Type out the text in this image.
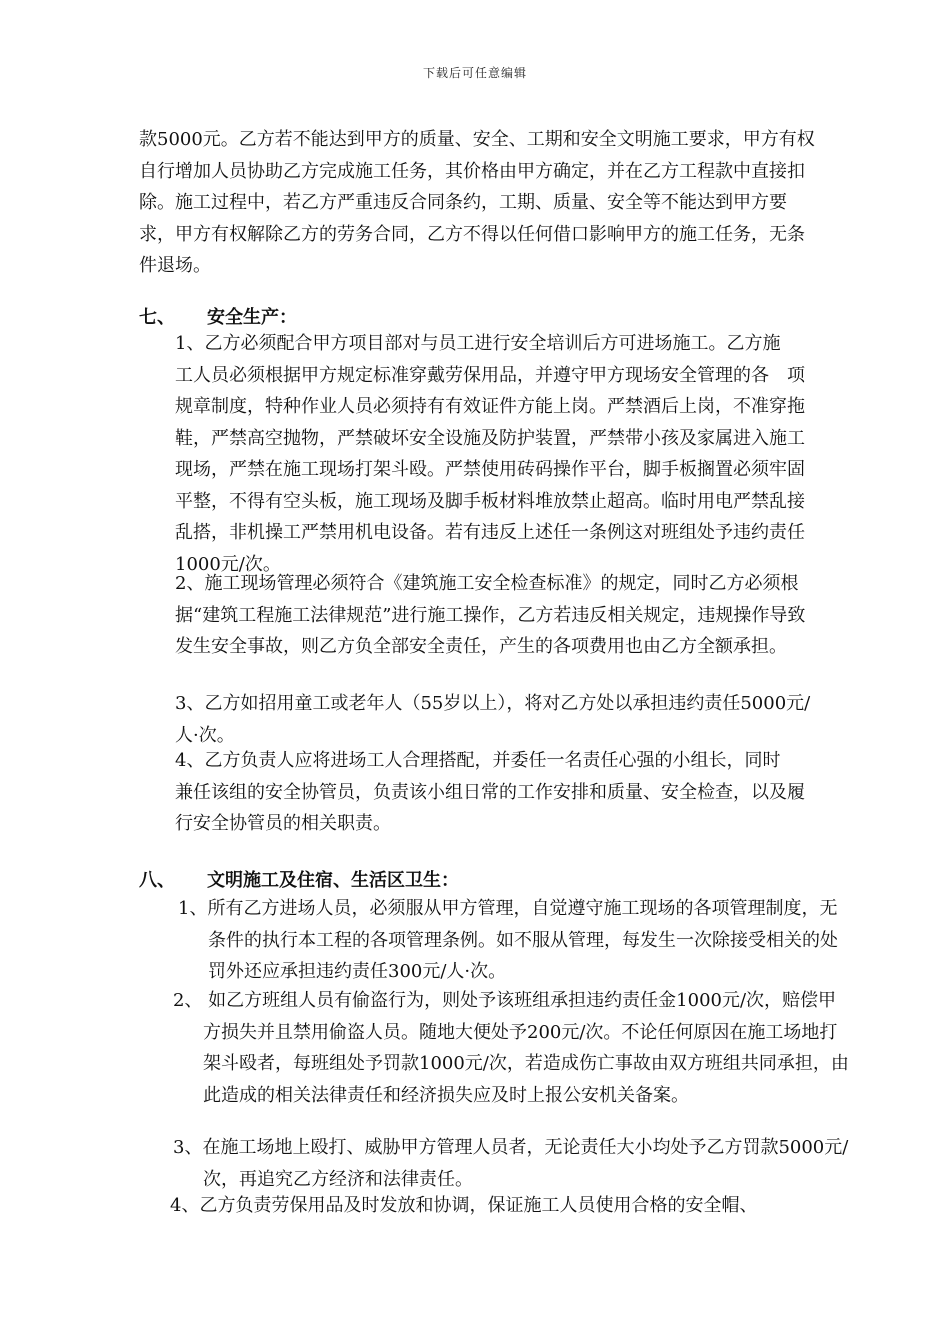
下载后可任意编辑

款5000元。乙方若不能达到甲方的质量、安全、工期和安全文明施工要求，甲方有权自行增加人员协助乙方完成施工任务，其价格由甲方确定，并在乙方工程款中直接扣除。施工过程中，若乙方严重违反合同条约，工期、质量、安全等不能达到甲方要求，甲方有权解除乙方的劳务合同，乙方不得以任何借口影响甲方的施工任务，无条件退场。

七、 安全生产：

1、乙方必须配合甲方项目部对与员工进行安全培训后方可进场施工。乙方施　　　工人员必须根据甲方规定标准穿戴劳保用品，并遵守甲方现场安全管理的各　项规章制度，特种作业人员必须持有有效证件方能上岗。严禁酒后上岗，不准穿拖鞋，严禁高空抛物，严禁破坏安全设施及防护装置，严禁带小孩及家属进入施工现场，严禁在施工现场打架斗殴。严禁使用砖码操作平台，脚手板搁置必须牢固平整，不得有空头板，施工现场及脚手板材料堆放禁止超高。临时用电严禁乱接乱搭，非机操工严禁用机电设备。若有违反上述任一条例这对班组处予违约责任1000元/次。

2、施工现场管理必须符合《建筑施工安全检查标准》的规定，同时乙方必须根据“建筑工程施工法律规范”进行施工操作，乙方若违反相关规定，违规操作导致发生安全事故，则乙方负全部安全责任，产生的各项费用也由乙方全额承担。

3、乙方如招用童工或老年人（55岁以上），将对乙方处以承担违约责任5000元/人·次。

4、乙方负责人应将进场工人合理搭配，并委任一名责任心强的小组长，同时　　兼任该组的安全协管员，负责该小组日常的工作安排和质量、安全检查，以及履行安全协管员的相关职责。

八、 文明施工及住宿、生活区卫生：

1、所有乙方进场人员，必须服从甲方管理，自觉遵守施工现场的各项管理制度，无条件的执行本工程的各项管理条例。如不服从管理，每发生一次除接受相关的处罚外还应承担违约责任300元/人·次。

2、 如乙方班组人员有偷盗行为，则处予该班组承担违约责任金1000元/次，赔偿甲方损失并且禁用偷盗人员。随地大便处予200元/次。不论任何原因在施工场地打架斗殴者，每班组处予罚款1000元/次，若造成伤亡事故由双方班组共同承担，由此造成的相关法律责任和经济损失应及时上报公安机关备案。

3、在施工场地上殴打、威胁甲方管理人员者，无论责任大小均处予乙方罚款5000元/次，再追究乙方经济和法律责任。

4、乙方负责劳保用品及时发放和协调，保证施工人员使用合格的安全帽、
